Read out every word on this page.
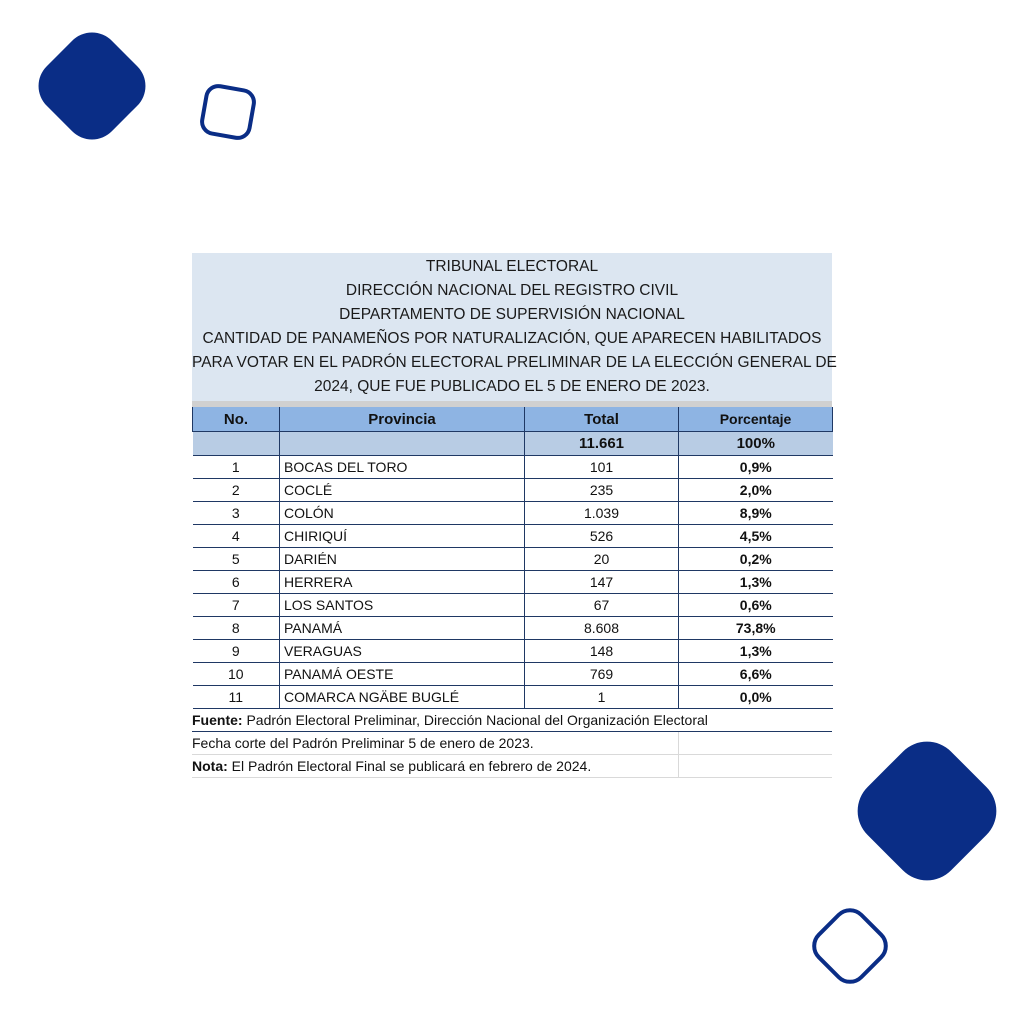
TRIBUNAL ELECTORAL
DIRECCIÓN NACIONAL DEL REGISTRO CIVIL
DEPARTAMENTO DE SUPERVISIÓN NACIONAL
CANTIDAD DE PANAMEÑOS POR NATURALIZACIÓN, QUE APARECEN HABILITADOS
PARA VOTAR EN EL PADRÓN ELECTORAL PRELIMINAR DE LA ELECCIÓN GENERAL DE
2024, QUE FUE PUBLICADO EL 5 DE ENERO DE 2023.
No.	Provincia	Total	Porcentaje
		11.661	100%
1	BOCAS DEL TORO	101	0,9%
2	COCLÉ	235	2,0%
3	COLÓN	1.039	8,9%
4	CHIRIQUÍ	526	4,5%
5	DARIÉN	20	0,2%
6	HERRERA	147	1,3%
7	LOS SANTOS	67	0,6%
8	PANAMÁ	8.608	73,8%
9	VERAGUAS	148	1,3%
10	PANAMÁ OESTE	769	6,6%
11	COMARCA NGÄBE BUGLÉ	1	0,0%
Fuente: Padrón Electoral Preliminar, Dirección Nacional del Organización Electoral
Fecha corte del Padrón Preliminar 5 de enero de 2023.
Nota: El Padrón Electoral Final se publicará en febrero de 2024.
